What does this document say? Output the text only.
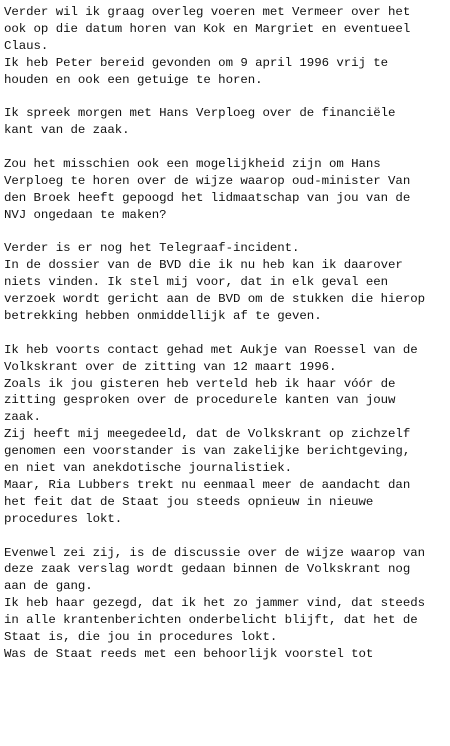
Verder wil ik graag overleg voeren met Vermeer over het
ook op die datum horen van Kok en Margriet en eventueel
Claus.
Ik heb Peter bereid gevonden om 9 april 1996 vrij te
houden en ook een getuige te horen.
Ik spreek morgen met Hans Verploeg over de financiële
kant van de zaak.
Zou het misschien ook een mogelijkheid zijn om Hans
Verploeg te horen over de wijze waarop oud-minister Van
den Broek heeft gepoogd het lidmaatschap van jou van de
NVJ ongedaan te maken?
Verder is er nog het Telegraaf-incident.
In de dossier van de BVD die ik nu heb kan ik daarover
niets vinden. Ik stel mij voor, dat in elk geval een
verzoek wordt gericht aan de BVD om de stukken die hierop
betrekking hebben onmiddellijk af te geven.
Ik heb voorts contact gehad met Aukje van Roessel van de
Volkskrant over de zitting van 12 maart 1996.
Zoals ik jou gisteren heb verteld heb ik haar vóór de
zitting gesproken over de procedurele kanten van jouw
zaak.
Zij heeft mij meegedeeld, dat de Volkskrant op zichzelf
genomen een voorstander is van zakelijke berichtgeving,
en niet van anekdotische journalistiek.
Maar, Ria Lubbers trekt nu eenmaal meer de aandacht dan
het feit dat de Staat jou steeds opnieuw in nieuwe
procedures lokt.
Evenwel zei zij, is de discussie over de wijze waarop van
deze zaak verslag wordt gedaan binnen de Volkskrant nog
aan de gang.
Ik heb haar gezegd, dat ik het zo jammer vind, dat steeds
in alle krantenberichten onderbelicht blijft, dat het de
Staat is, die jou in procedures lokt.
Was de Staat reeds met een behoorlijk voorstel tot
